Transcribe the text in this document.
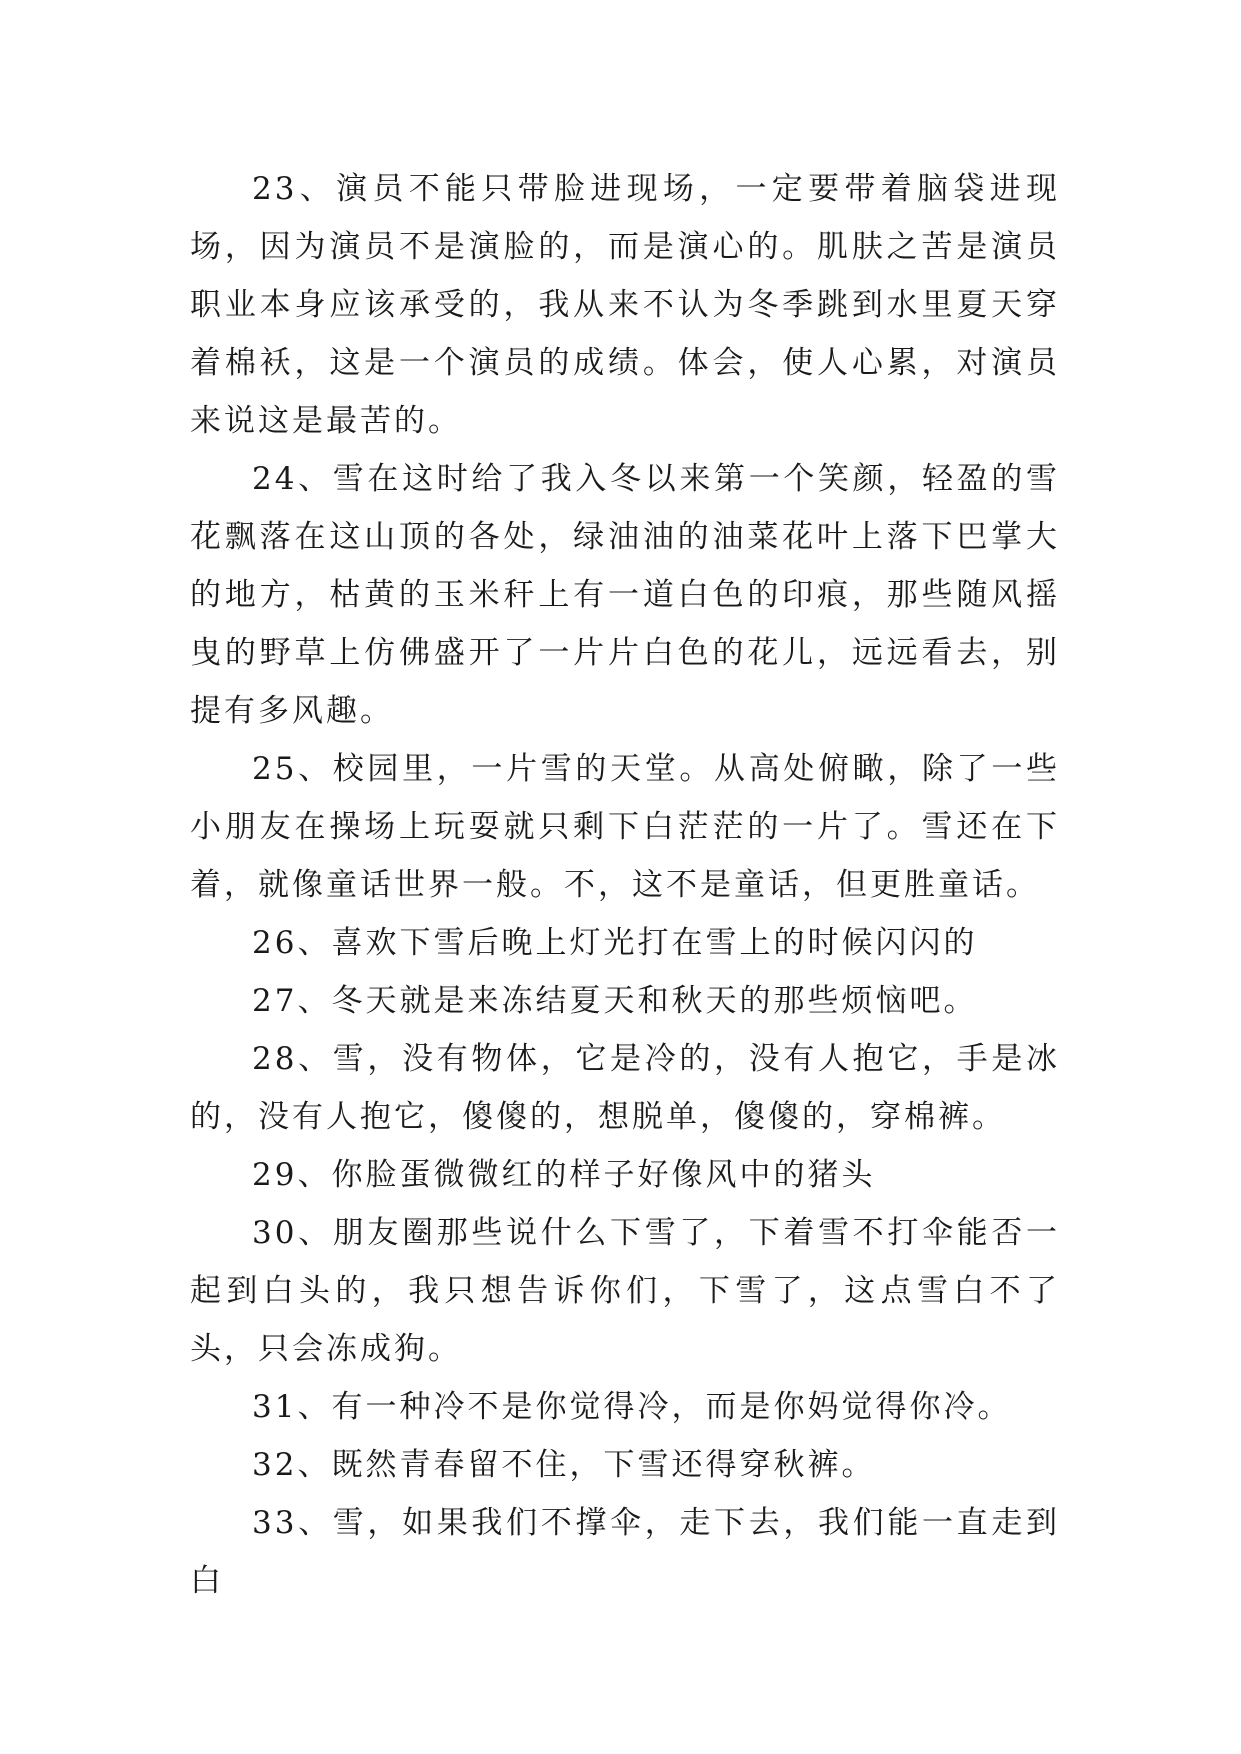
23、演员不能只带脸进现场，一定要带着脑袋进现场，因为演员不是演脸的，而是演心的。肌肤之苦是演员职业本身应该承受的，我从来不认为冬季跳到水里夏天穿着棉袄，这是一个演员的成绩。体会，使人心累，对演员来说这是最苦的。

24、雪在这时给了我入冬以来第一个笑颜，轻盈的雪花飘落在这山顶的各处，绿油油的油菜花叶上落下巴掌大的地方，枯黄的玉米秆上有一道白色的印痕，那些随风摇曳的野草上仿佛盛开了一片片白色的花儿，远远看去，别提有多风趣。

25、校园里，一片雪的天堂。从高处俯瞰，除了一些小朋友在操场上玩耍就只剩下白茫茫的一片了。雪还在下着，就像童话世界一般。不，这不是童话，但更胜童话。

26、喜欢下雪后晚上灯光打在雪上的时候闪闪的

27、冬天就是来冻结夏天和秋天的那些烦恼吧。

28、雪，没有物体，它是冷的，没有人抱它，手是冰的，没有人抱它，傻傻的，想脱单，傻傻的，穿棉裤。

29、你脸蛋微微红的样子好像风中的猪头

30、朋友圈那些说什么下雪了，下着雪不打伞能否一起到白头的，我只想告诉你们，下雪了，这点雪白不了头，只会冻成狗。

31、有一种冷不是你觉得冷，而是你妈觉得你冷。

32、既然青春留不住，下雪还得穿秋裤。

33、雪，如果我们不撑伞，走下去，我们能一直走到白
